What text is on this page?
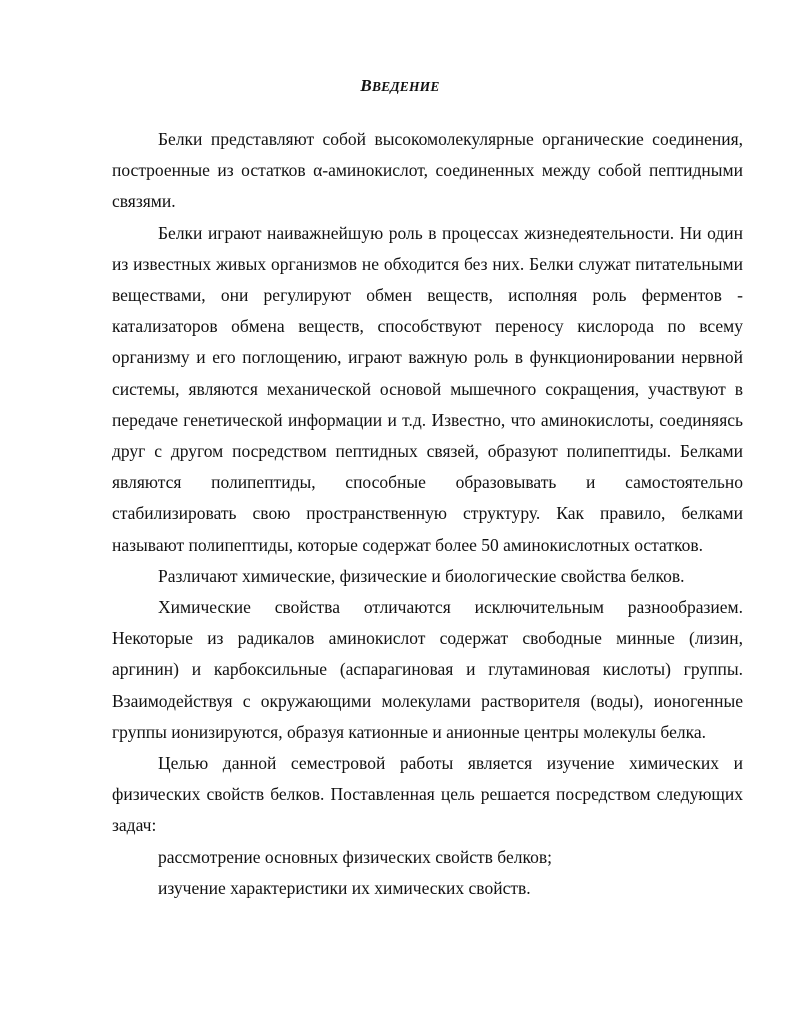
ВВЕДЕНИЕ

Белки представляют собой высокомолекулярные органические соединения, построенные из остатков α-аминокислот, соединенных между собой пептидными связями.

Белки играют наиважнейшую роль в процессах жизнедеятельности. Ни один из известных живых организмов не обходится без них. Белки служат питательными веществами, они регулируют обмен веществ, исполняя роль ферментов - катализаторов обмена веществ, способствуют переносу кислорода по всему организму и его поглощению, играют важную роль в функционировании нервной системы, являются механической основой мышечного сокращения, участвуют в передаче генетической информации и т.д. Известно, что аминокислоты, соединяясь друг с другом посредством пептидных связей, образуют полипептиды. Белками являются полипептиды, способные образовывать и самостоятельно стабилизировать свою пространственную структуру. Как правило, белками называют полипептиды, которые содержат более 50 аминокислотных остатков.

Различают химические, физические и биологические свойства белков.

Химические свойства отличаются исключительным разнообразием. Некоторые из радикалов аминокислот содержат свободные минные (лизин, аргинин) и карбоксильные (аспарагиновая и глутаминовая кислоты) группы. Взаимодействуя с окружающими молекулами растворителя (воды), ионогенные группы ионизируются, образуя катионные и анионные центры молекулы белка.

Целью данной семестровой работы является изучение химических и физических свойств белков. Поставленная цель решается посредством следующих задач:

рассмотрение основных физических свойств белков;

изучение характеристики их химических свойств.
